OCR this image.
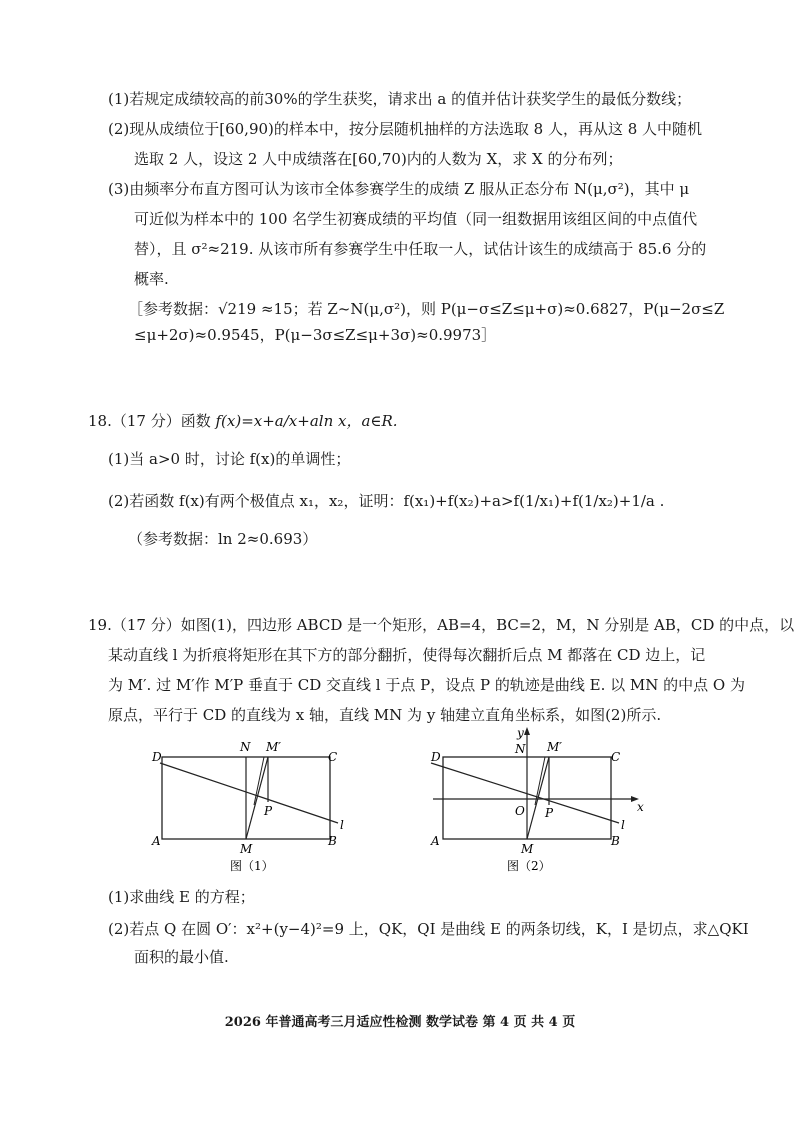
(1)若规定成绩较高的前30%的学生获奖，请求出 a 的值并估计获奖学生的最低分数线；
(2)现从成绩位于[60,90)的样本中，按分层随机抽样的方法选取 8 人，再从这 8 人中随机
选取 2 人，设这 2 人中成绩落在[60,70)内的人数为 X，求 X 的分布列；
(3)由频率分布直方图可认为该市全体参赛学生的成绩 Z 服从正态分布 N(μ,σ²)，其中 μ
可近似为样本中的 100 名学生初赛成绩的平均值（同一组数据用该组区间的中点值代
替），且 σ²≈219. 从该市所有参赛学生中任取一人，试估计该生的成绩高于 85.6 分的
概率.
［参考数据：√219 ≈15；若 Z~N(μ,σ²)，则 P(μ−σ≤Z≤μ+σ)≈0.6827，P(μ−2σ≤Z
≤μ+2σ)≈0.9545，P(μ−3σ≤Z≤μ+3σ)≈0.9973］
18.（17 分）函数 f(x)=x+a/x+aln x，a∈R.
(1)当 a>0 时，讨论 f(x)的单调性；
(2)若函数 f(x)有两个极值点 x₁，x₂，证明：f(x₁)+f(x₂)+a>f(1/x₁)+f(1/x₂)+1/a .
（参考数据：ln 2≈0.693）
19.（17 分）如图(1)，四边形 ABCD 是一个矩形，AB=4，BC=2，M，N 分别是 AB，CD 的中点，以
某动直线 l 为折痕将矩形在其下方的部分翻折，使得每次翻折后点 M 都落在 CD 边上，记
为 M′. 过 M′作 M′P 垂直于 CD 交直线 l 于点 P，设点 P 的轨迹是曲线 E. 以 MN 的中点 O 为
原点，平行于 CD 的直线为 x 轴，直线 MN 为 y 轴建立直角坐标系，如图(2)所示.
D
N M′
C
P
l
A
M
B
图（1）
y
D
N M′
C
O P	x
l
A
M
B
图（2）
(1)求曲线 E 的方程；
(2)若点 Q 在圆 O′：x²+(y−4)²=9 上，QK，QI 是曲线 E 的两条切线，K，I 是切点，求△QKI
面积的最小值.
2026 年普通高考三月适应性检测 数学试卷 第 4 页 共 4 页
